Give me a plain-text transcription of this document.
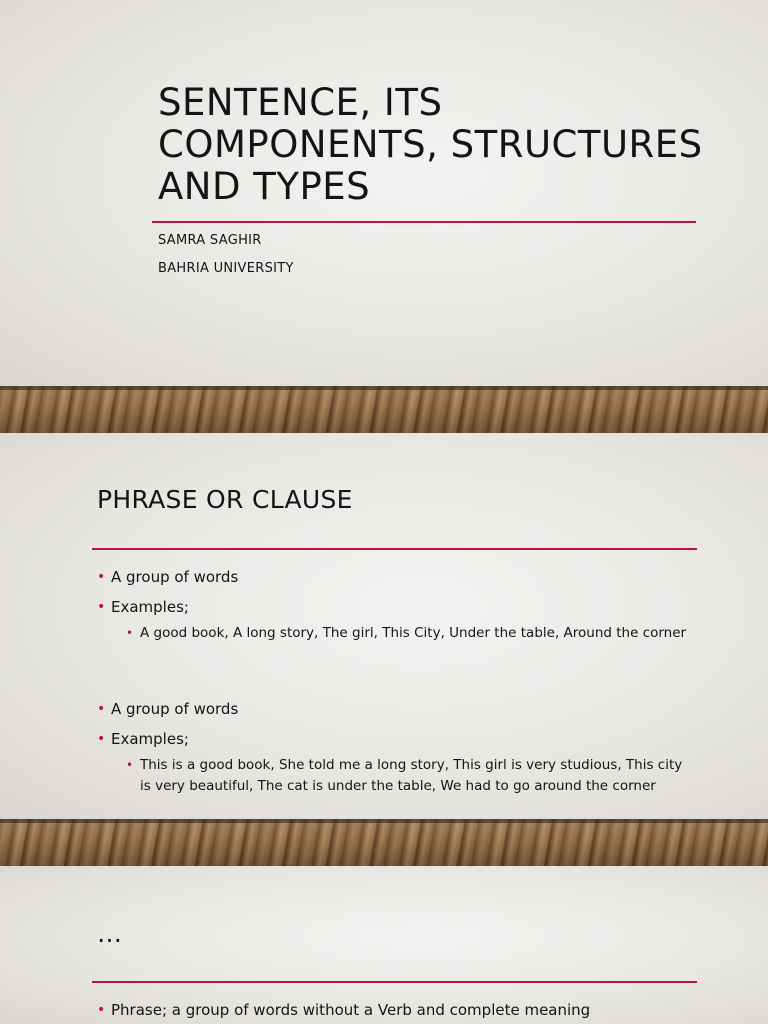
SENTENCE, ITS COMPONENTS, STRUCTURES AND TYPES
SAMRA SAGHIR
BAHRIA UNIVERSITY
PHRASE OR CLAUSE
• A group of words
• Examples;
• A good book, A long story, The girl, This City, Under the table, Around the corner
• A group of words
• Examples;
• This is a good book, She told me a long story, This girl is very studious, This city is very beautiful, The cat is under the table, We had to go around the corner
…
• Phrase; a group of words without a Verb and complete meaning
